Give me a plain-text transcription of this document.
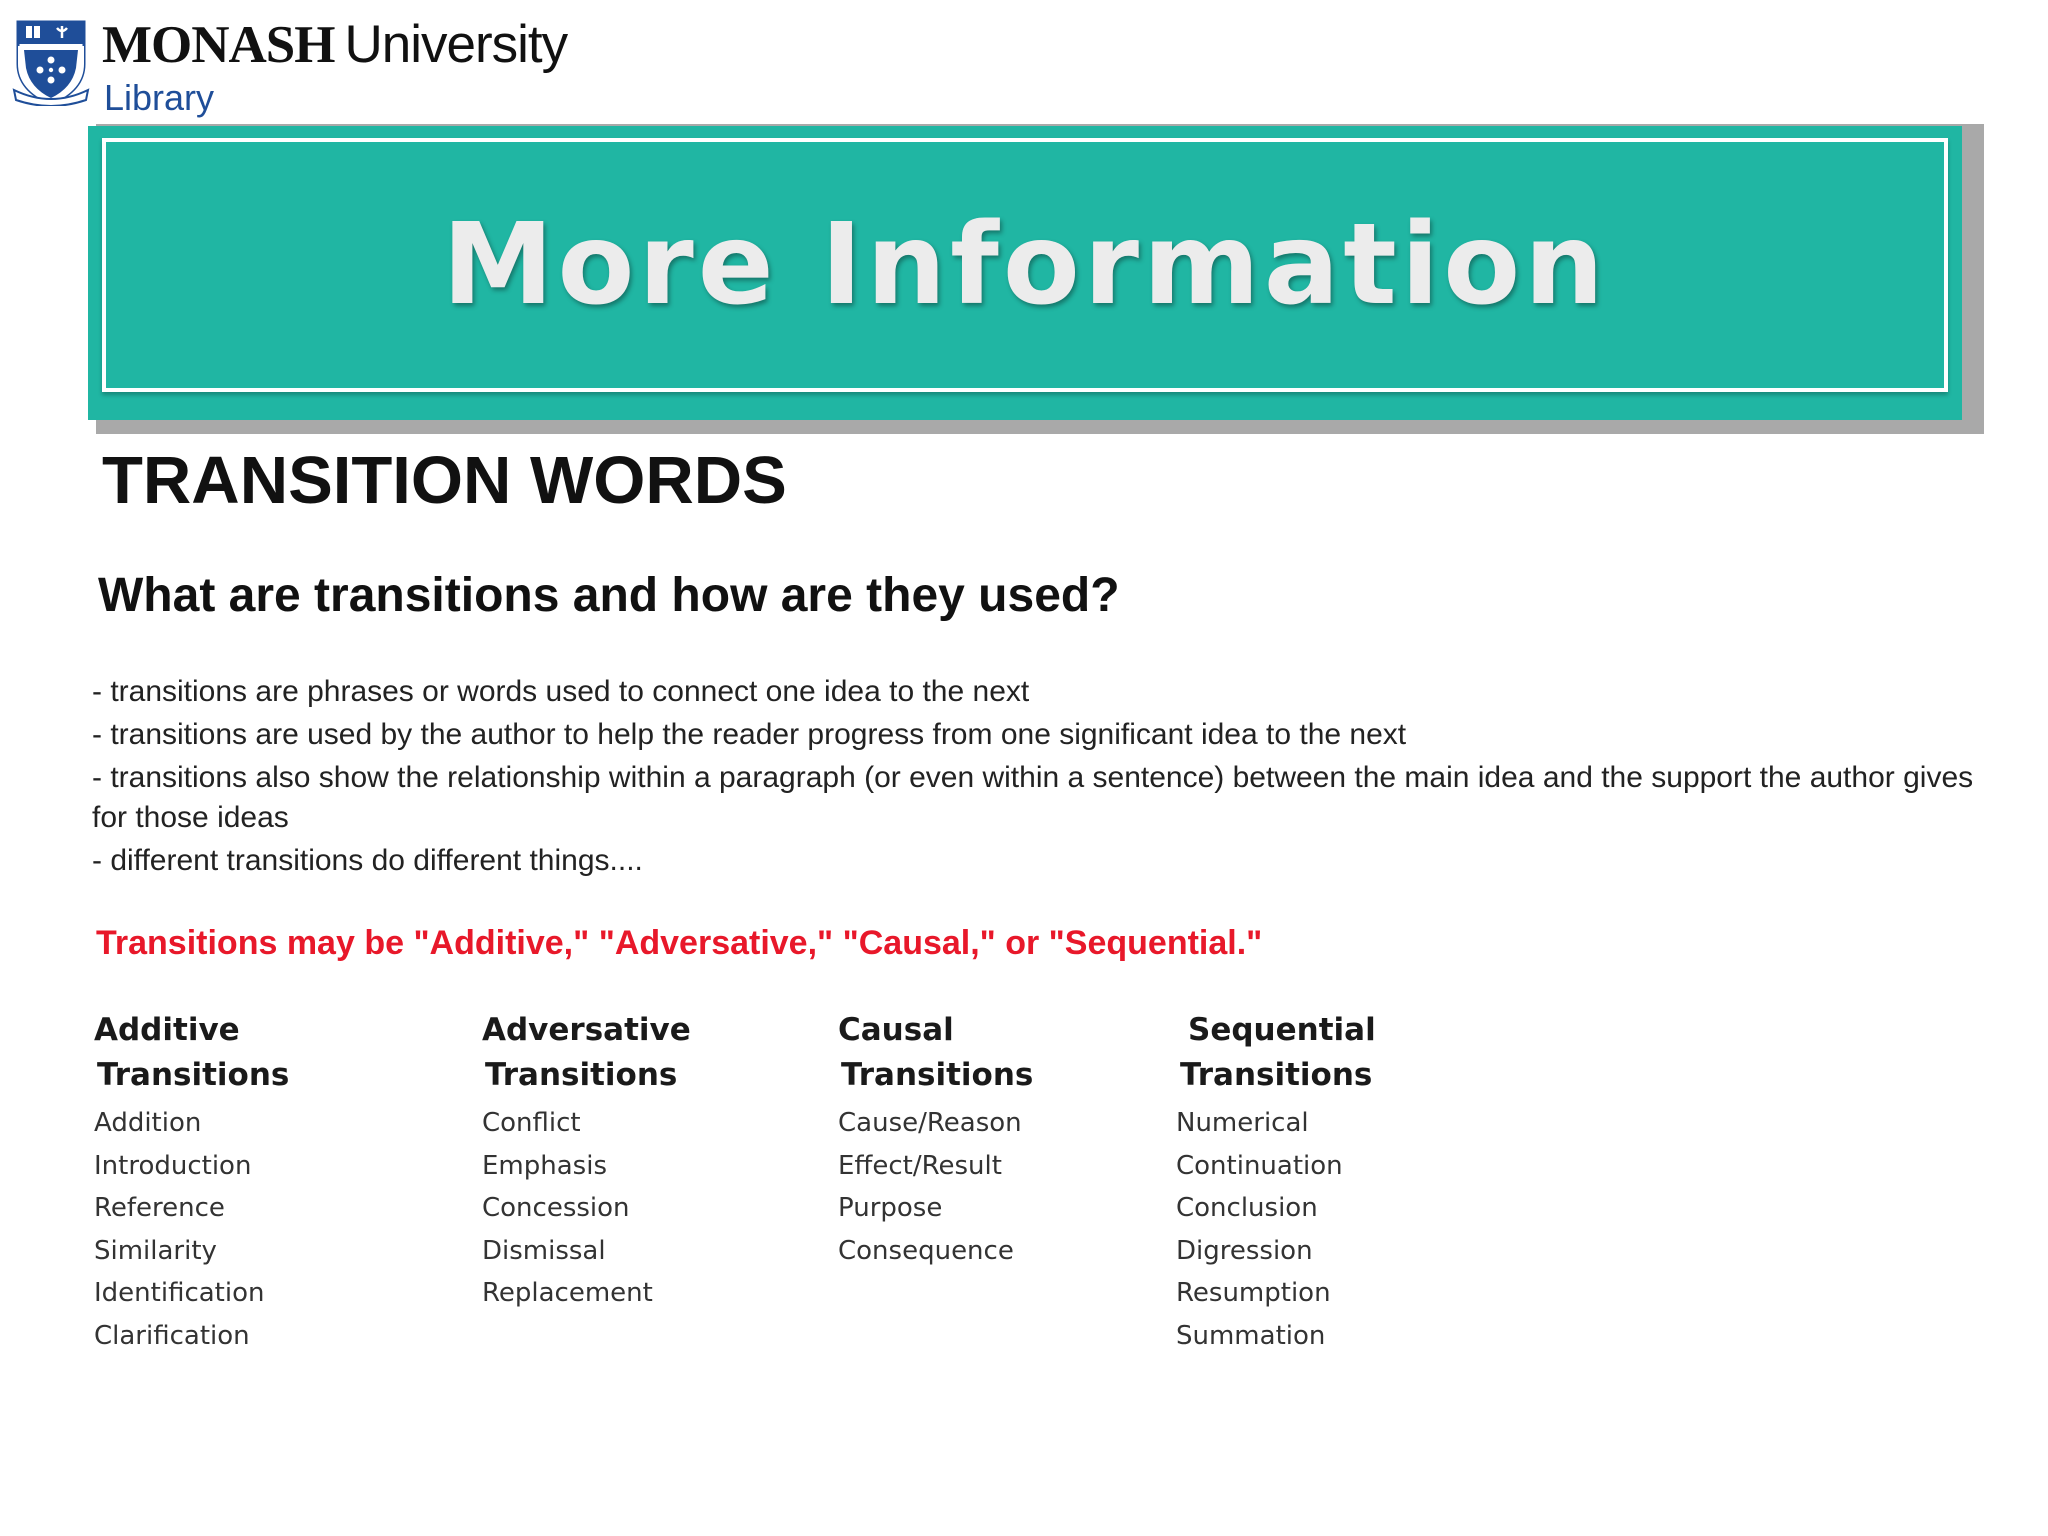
MONASH University
Library
More Information
TRANSITION WORDS
What are transitions and how are they used?
- transitions are phrases or words used to connect one idea to the next
- transitions are used by the author to help the reader progress from one significant idea to the next
- transitions also show the relationship within a paragraph (or even within a sentence) between the main idea and the support the author gives for those ideas
- different transitions do different things....
Transitions may be "Additive," "Adversative," "Causal," or "Sequential."
Additive
Transitions
Addition
Introduction
Reference
Similarity
Identification
Clarification
Adversative
Transitions
Conflict
Emphasis
Concession
Dismissal
Replacement
Causal
Transitions
Cause/Reason
Effect/Result
Purpose
Consequence
Sequential
Transitions
Numerical
Continuation
Conclusion
Digression
Resumption
Summation
